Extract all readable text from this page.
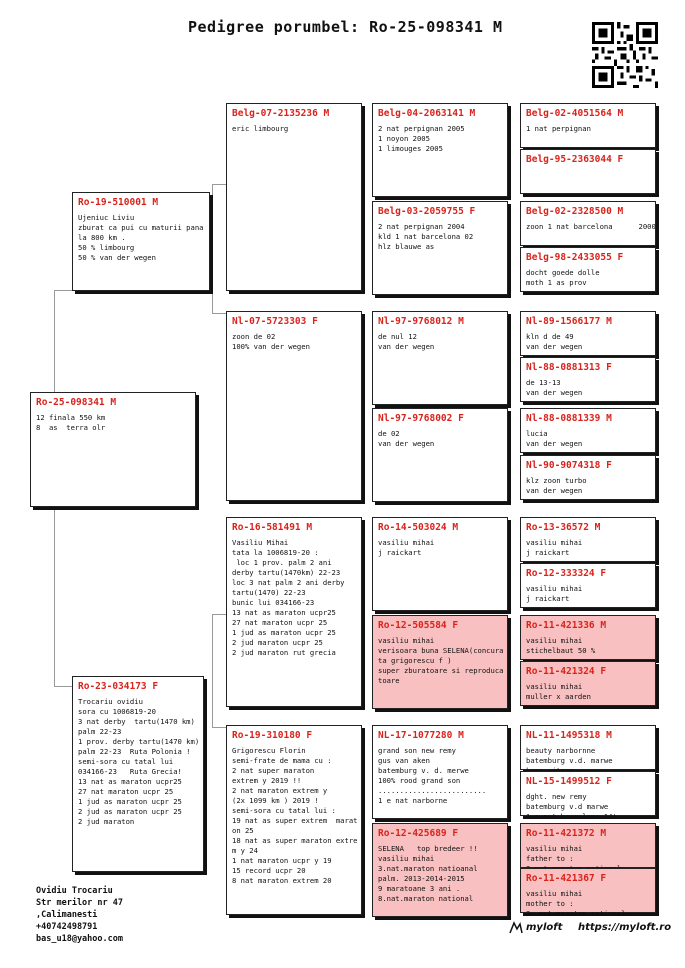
Pedigree porumbel: Ro-25-098341 M
Ro-25-098341 M
12 finala 550 km
8  as  terra olr
Ro-19-510001 M
Ujeniuc Liviu
zburat ca pui cu maturii pana
la 800 km .
50 % limbourg
50 % van der wegen
Ro-23-034173 F
Trocariu ovidiu
sora cu 1006819-20
3 nat derby  tartu(1470 km)
palm 22-23
1 prov. derby tartu(1470 km)
palm 22-23  Ruta Polonia !
semi-sora cu tatal lui
034166-23   Ruta Grecia!
13 nat as maraton ucpr25
27 nat maraton ucpr 25
1 jud as maraton ucpr 25
2 jud as maraton ucpr 25
2 jud maraton
Belg-07-2135236 M
eric limbourg
Nl-07-5723303 F
zoon de 02
100% van der wegen
Ro-16-581491 M
Vasiliu Mihai
tata la 1006819-20 :
loc 1 prov. palm 2 ani
derby tartu(1470km) 22-23
loc 3 nat palm 2 ani derby
tartu(1470) 22-23
bunic lui 034166-23
13 nat as maraton ucpr25
27 nat maraton ucpr 25
1 jud as maraton ucpr 25
2 jud maraton ucpr 25
2 jud maraton rut grecia
Ro-19-310180 F
Grigorescu Florin
semi-frate de mama cu :
2 nat super maraton
extrem y 2019 !!
2 nat maraton extrem y
(2x 1099 km ) 2019 !
semi-sora cu tatal lui :
19 nat as super extrem  marat
on 25
18 nat as super maraton extre
m y 24
1 nat maraton ucpr y 19
15 record ucpr 20
8 nat maraton extrem 20
Belg-04-2063141 M
2 nat perpignan 2005
1 noyon 2005
1 limouges 2005
Belg-03-2059755 F
2 nat perpignan 2004
kld 1 nat barcelona 02
hlz blauwe as
Nl-97-9768012 M
de nul 12
van der wegen
Nl-97-9768002 F
de 02
van der wegen
Ro-14-503024 M
vasiliu mihai
j raickart
Ro-12-505584 F
vasiliu mihai
verisoara buna SELENA(concura
ta grigorescu f )
super zburatoare si reproduca
toare
NL-17-1077280 M
grand son new remy
gus van aken
batemburg v. d. merwe
100% rood grand son
.........................
1 e nat narborne
Ro-12-425689 F
SELENA   top bredeer !!
vasiliu mihai
3.nat.maraton natioanal
palm. 2013-2014-2015
9 maratoane 3 ani .
8.nat.maraton national
Belg-02-4051564 M
1 nat perpignan
Belg-95-2363044 F
Belg-02-2328500 M
zoon 1 nat barcelona      2000
Belg-98-2433055 F
docht goede dolle
moth 1 as prov
Nl-89-1566177 M
kln d de 49
van der wegen
Nl-88-0881313 F
de 13-13
van der wegen
Nl-88-0881339 M
lucia
van der wegen
Nl-90-9074318 F
klz zoon turbo
van der wegen
Ro-13-36572 M
vasiliu mihai
j raickart
Ro-12-333324 F
vasiliu mihai
j raickart
Ro-11-421336 M
vasiliu mihai
stichelbaut 50 %
Ro-11-421324 F
vasiliu mihai
muller x aarden
NL-11-1495318 M
beauty narbornne
batemburg v.d. marwe

NL-15-1499512 F
dght. new remy
batemburg v.d marwe
1 e nat barcelona 14'
Ro-11-421372 M
vasiliu mihai
father to :

Ro-11-421367 F
vasiliu mihai
mother to :
3. nat maraton national
Ovidiu Trocariu
Str merilor nr 47
,Calimanesti
+40742498791
bas_u18@yahoo.com
myloft https://myloft.ro
